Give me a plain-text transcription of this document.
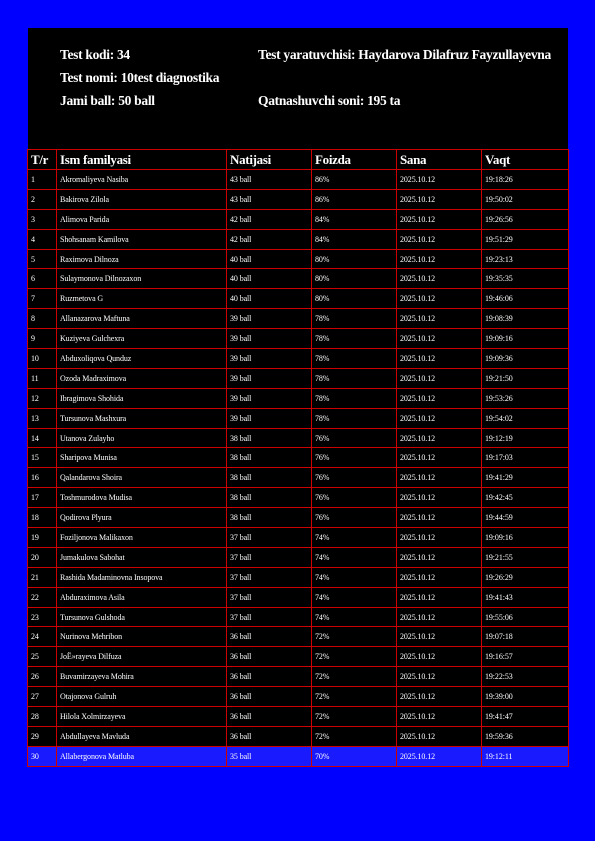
Test kodi: 34	Test yaratuvchisi: Haydarova Dilafruz Fayzullayevna
Test nomi: 10test diagnostika
Jami ball: 50 ball	Qatnashuvchi soni: 195 ta
T/r	Ism familyasi	Natijasi	Foizda	Sana	Vaqt
1	Akromaliyeva Nasiba	43 ball	86%	2025.10.12	19:18:26
2	Bakirova Zilola	43 ball	86%	2025.10.12	19:50:02
3	Alimova Parida	42 ball	84%	2025.10.12	19:26:56
4	Shohsanam Kamilova	42 ball	84%	2025.10.12	19:51:29
5	Raximova Dilnoza	40 ball	80%	2025.10.12	19:23:13
6	Sulaymonova Dilnozaxon	40 ball	80%	2025.10.12	19:35:35
7	Ruzmetova G	40 ball	80%	2025.10.12	19:46:06
8	Allanazarova Maftuna	39 ball	78%	2025.10.12	19:08:39
9	Kuziyeva Gulchexra	39 ball	78%	2025.10.12	19:09:16
10	Abduxoliqova Qunduz	39 ball	78%	2025.10.12	19:09:36
11	Ozoda Madraximova	39 ball	78%	2025.10.12	19:21:50
12	Ibragimova Shohida	39 ball	78%	2025.10.12	19:53:26
13	Tursunova Mashxura	39 ball	78%	2025.10.12	19:54:02
14	Utanova Zulayho	38 ball	76%	2025.10.12	19:12:19
15	Sharipova Munisa	38 ball	76%	2025.10.12	19:17:03
16	Qalandarova Shoira	38 ball	76%	2025.10.12	19:41:29
17	Toshmurodova Mudisa	38 ball	76%	2025.10.12	19:42:45
18	Qodirova Plyura	38 ball	76%	2025.10.12	19:44:59
19	Foziljonova Malikaxon	37 ball	74%	2025.10.12	19:09:16
20	Jumakulova Sabohat	37 ball	74%	2025.10.12	19:21:55
21	Rashida Madaminovna Insopova	37 ball	74%	2025.10.12	19:26:29
22	Abduraximova Asila	37 ball	74%	2025.10.12	19:41:43
23	Tursunova Gulshoda	37 ball	74%	2025.10.12	19:55:06
24	Nurinova Mehribon	36 ball	72%	2025.10.12	19:07:18
25	JoЁ»rayeva Dilfuza	36 ball	72%	2025.10.12	19:16:57
26	Buvamirzayeva Mohira	36 ball	72%	2025.10.12	19:22:53
27	Otajonova Gulruh	36 ball	72%	2025.10.12	19:39:00
28	Hilola Xolmirzayeva	36 ball	72%	2025.10.12	19:41:47
29	Abdullayeva Mavluda	36 ball	72%	2025.10.12	19:59:36
30	Allabergonova Matluba	35 ball	70%	2025.10.12	19:12:11
